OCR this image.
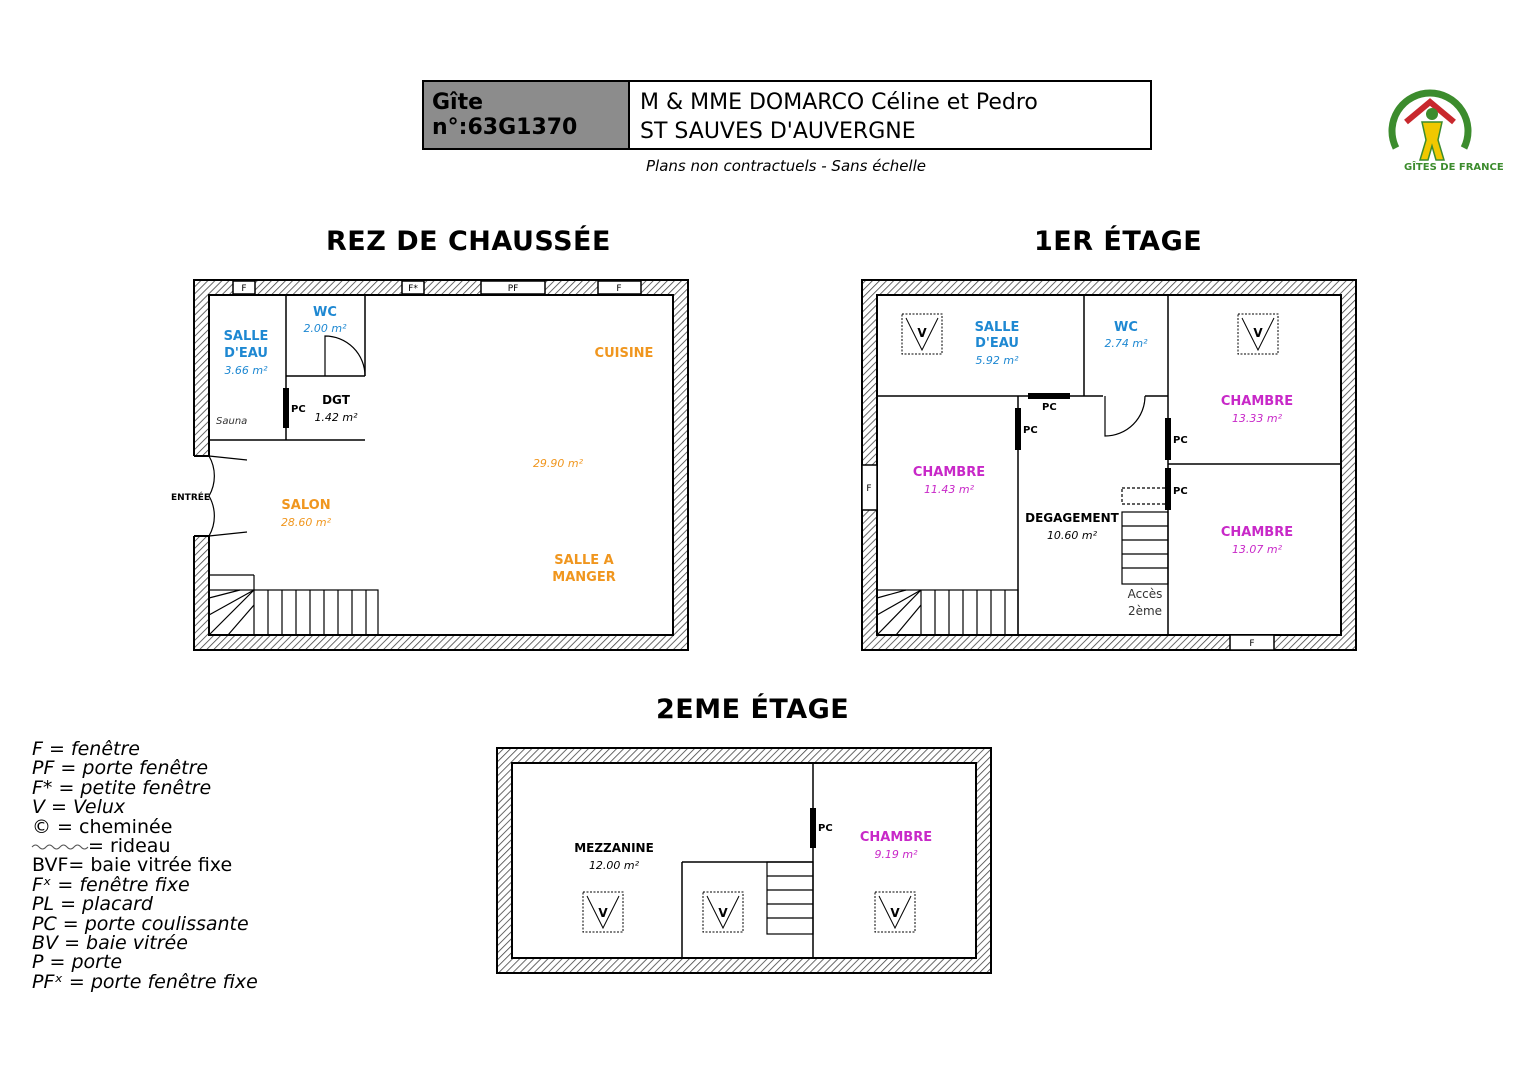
Gîte n°:63G1370
M & MME DOMARCO Céline et Pedro
ST SAUVES D'AUVERGNE
Plans non contractuels - Sans échelle	GÎTES DE FRANCE
REZ DE CHAUSSÉE	1ER ÉTAGE
2EME ÉTAGE
F	F*	PF	F
PC
SALLE
D'EAU
WC
3.66 m²
2.00 m²
Sauna
DGT
1.42 m²
CUISINE
SALON
SALLE A
MANGER
29.90 m²
28.60 m²
ENTRÉE
F
F
PC
PC
PC
PC
V	V
Accès
2ème
SALLE
D'EAU
WC
5.92 m²
2.74 m²
CHAMBRE
CHAMBRE
CHAMBRE
13.33 m²
11.43 m²
13.07 m²
DEGAGEMENT
10.60 m²
PC
V	V	V
MEZZANINE
12.00 m²
CHAMBRE
9.19 m²
F = fenêtre
PF = porte fenêtre
F* = petite fenêtre
V = Velux
© = cheminée
= rideau
BVF= baie vitrée fixe
Fˣ = fenêtre fixe
PL = placard
PC = porte coulissante
BV = baie vitrée
P = porte
PFˣ = porte fenêtre fixe
